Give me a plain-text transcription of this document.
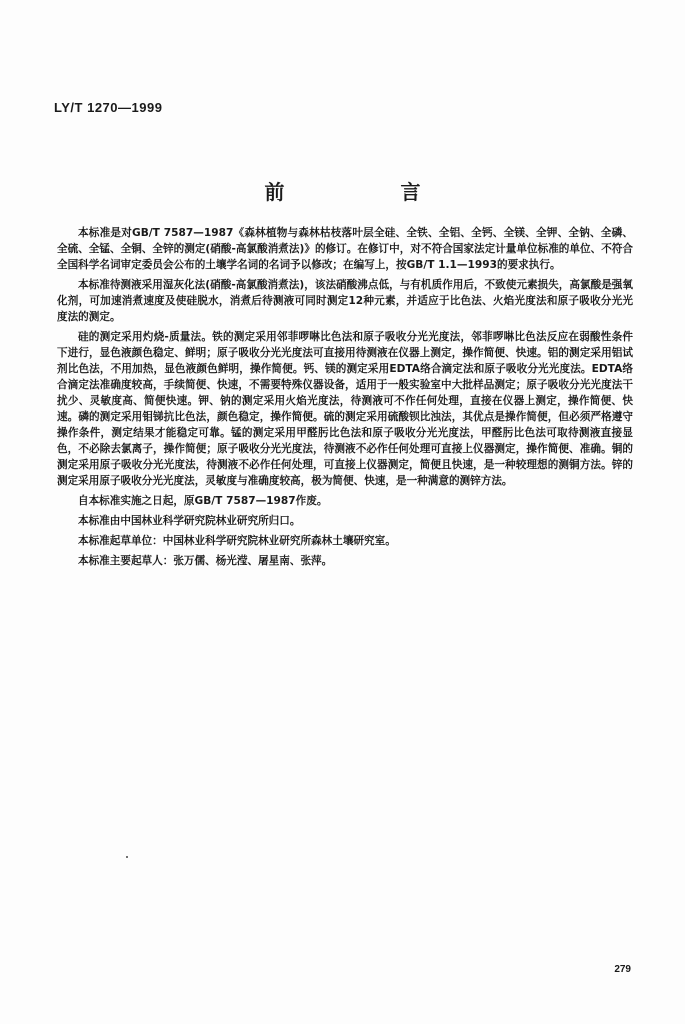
LY/T 1270—1999
前　言

本标准是对GB/T 7587—1987《森林植物与森林枯枝落叶层全硅、全铁、全铝、全钙、全镁、全钾、全钠、全磷、全硫、全锰、全铜、全锌的测定(硝酸-高氯酸消煮法)》的修订。在修订中，对不符合国家法定计量单位标准的单位、不符合全国科学名词审定委员会公布的土壤学名词的名词予以修改；在编写上，按GB/T 1.1—1993的要求执行。

本标准待测液采用湿灰化法(硝酸-高氯酸消煮法)，该法硝酸沸点低，与有机质作用后，不致使元素损失，高氯酸是强氧化剂，可加速消煮速度及使硅脱水，消煮后待测液可同时测定12种元素，并适应于比色法、火焰光度法和原子吸收分光光度法的测定。

硅的测定采用灼烧-质量法。铁的测定采用邻菲啰啉比色法和原子吸收分光光度法，邻菲啰啉比色法反应在弱酸性条件下进行，显色液颜色稳定、鲜明；原子吸收分光光度法可直接用待测液在仪器上测定，操作简便、快速。铝的测定采用铝试剂比色法，不用加热，显色液颜色鲜明，操作简便。钙、镁的测定采用EDTA络合滴定法和原子吸收分光光度法。EDTA络合滴定法准确度较高，手续简便、快速，不需要特殊仪器设备，适用于一般实验室中大批样品测定；原子吸收分光光度法干扰少、灵敏度高、简便快速。钾、钠的测定采用火焰光度法，待测液可不作任何处理，直接在仪器上测定，操作简便、快速。磷的测定采用钼锑抗比色法，颜色稳定，操作简便。硫的测定采用硫酸钡比浊法，其优点是操作简便，但必须严格遵守操作条件，测定结果才能稳定可靠。锰的测定采用甲醛肟比色法和原子吸收分光光度法，甲醛肟比色法可取待测液直接显色，不必除去氯离子，操作简便；原子吸收分光光度法，待测液不必作任何处理可直接上仪器测定，操作简便、准确。铜的测定采用原子吸收分光光度法，待测液不必作任何处理，可直接上仪器测定，简便且快速，是一种较理想的测铜方法。锌的测定采用原子吸收分光光度法，灵敏度与准确度较高，极为简便、快速，是一种满意的测锌方法。

自本标准实施之日起，原GB/T 7587—1987作废。

本标准由中国林业科学研究院林业研究所归口。

本标准起草单位：中国林业科学研究院林业研究所森林土壤研究室。

本标准主要起草人：张万儒、杨光滢、屠星南、张萍。

279
